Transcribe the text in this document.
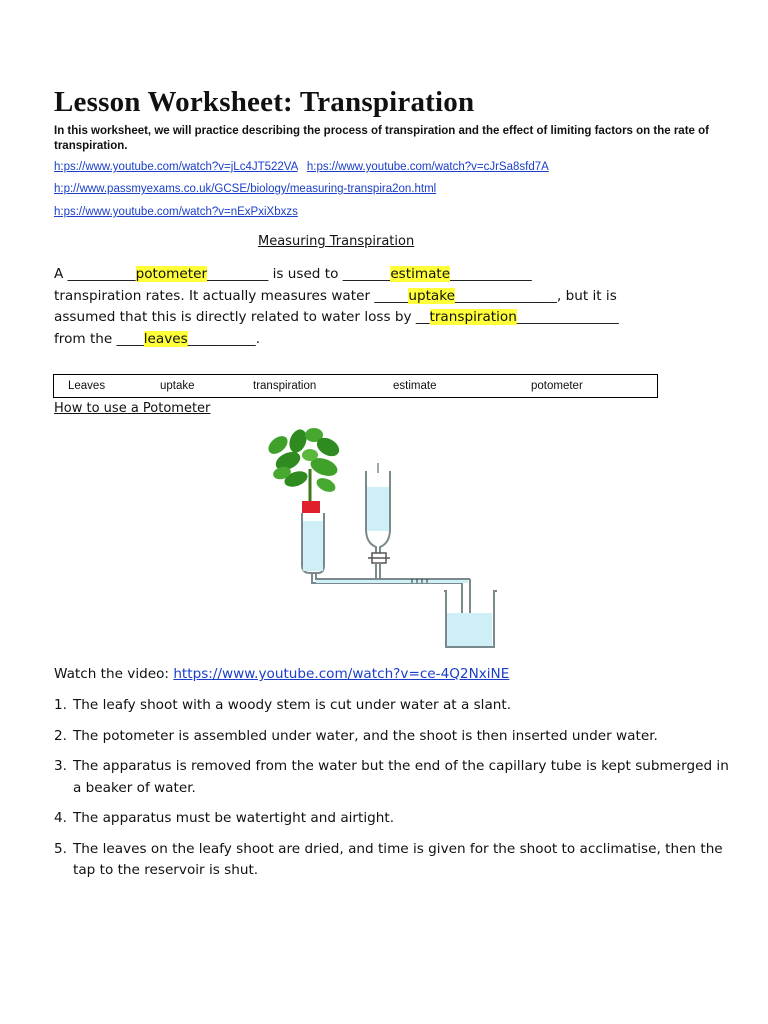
Lesson Worksheet: Transpiration
In this worksheet, we will practice describing the process of transpiration and the effect of limiting factors on the rate of transpiration.
h:ps://www.youtube.com/watch?v=jLc4JT522VA h:ps://www.youtube.com/watch?v=cJrSa8sfd7A
h:p://www.passmyexams.co.uk/GCSE/biology/measuring-transpira2on.html
h:ps://www.youtube.com/watch?v=nExPxiXbxzs
Measuring Transpiration
A __________potometer_________ is used to _______estimate____________
transpiration rates. It actually measures water _____uptake_______________, but it is
assumed that this is directly related to water loss by __transpiration_______________
from the ____leaves__________.
Leaves	uptake	transpiration	estimate	potometer
How to use a Potometer
Watch the video: https://www.youtube.com/watch?v=ce-4Q2NxiNE
1. The leafy shoot with a woody stem is cut under water at a slant.
2. The potometer is assembled under water, and the shoot is then inserted under water.
3. The apparatus is removed from the water but the end of the capillary tube is kept submerged in a beaker of water.
4. The apparatus must be watertight and airtight.
5. The leaves on the leafy shoot are dried, and time is given for the shoot to acclimatise, then the tap to the reservoir is shut.
